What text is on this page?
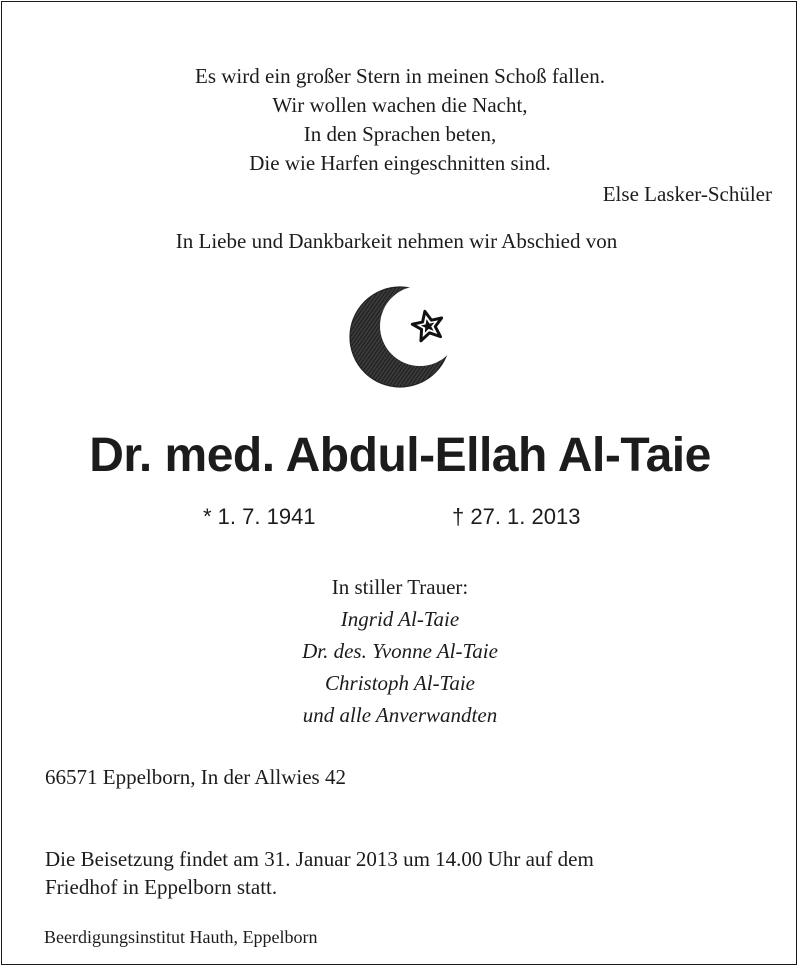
Es wird ein großer Stern in meinen Schoß fallen.
Wir wollen wachen die Nacht,
In den Sprachen beten,
Die wie Harfen eingeschnitten sind.
Else Lasker-Schüler
In Liebe und Dankbarkeit nehmen wir Abschied von
Dr. med. Abdul-Ellah Al-Taie
* 1. 7. 1941	† 27. 1. 2013
In stiller Trauer:
Ingrid Al-Taie
Dr. des. Yvonne Al-Taie
Christoph Al-Taie
und alle Anverwandten
66571 Eppelborn, In der Allwies 42
Die Beisetzung findet am 31. Januar 2013 um 14.00 Uhr auf dem
Friedhof in Eppelborn statt.
Beerdigungsinstitut Hauth, Eppelborn
